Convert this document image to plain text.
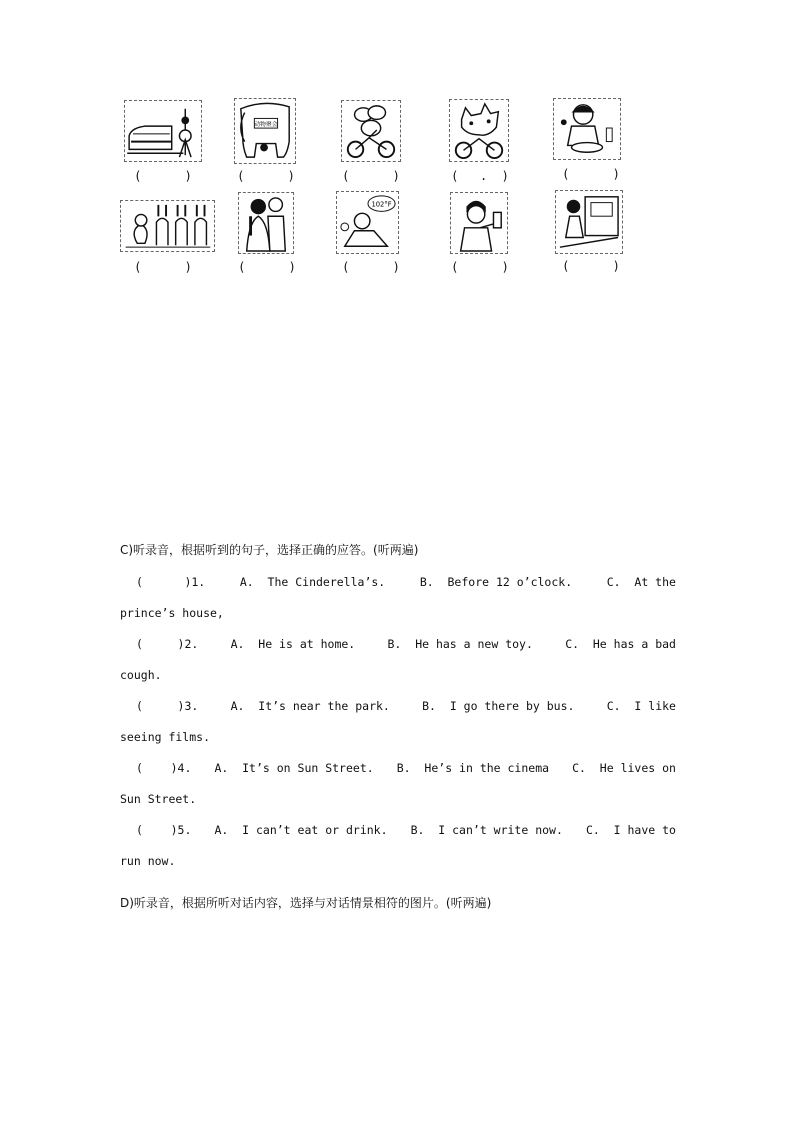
动物聚会
(      )	(      )	(      )	(   .  )	(      )
102°F
(      )	(      )	(      )	(      )	(      )
C)听录音，根据听到的句子，选择正确的应答。(听两遍)
(      )1.	A.  The Cinderella’s.	B.  Before 12 o’clock.	C.  At the
prince’s house,
(     )2.	A.  He is at home.	B.  He has a new toy.	C.  He has a bad
cough.
(     )3.	A.  It’s near the park.	B.  I go there by bus.	C.  I like
seeing films.
(    )4. A.  It’s on Sun Street. B.  He’s in the cinema C.  He lives on
Sun Street.
(    )5. A.  I can’t eat or drink. B.  I can’t write now. C.  I have to
run now.
D)听录音，根据所听对话内容，选择与对话情景相符的图片。(听两遍)
